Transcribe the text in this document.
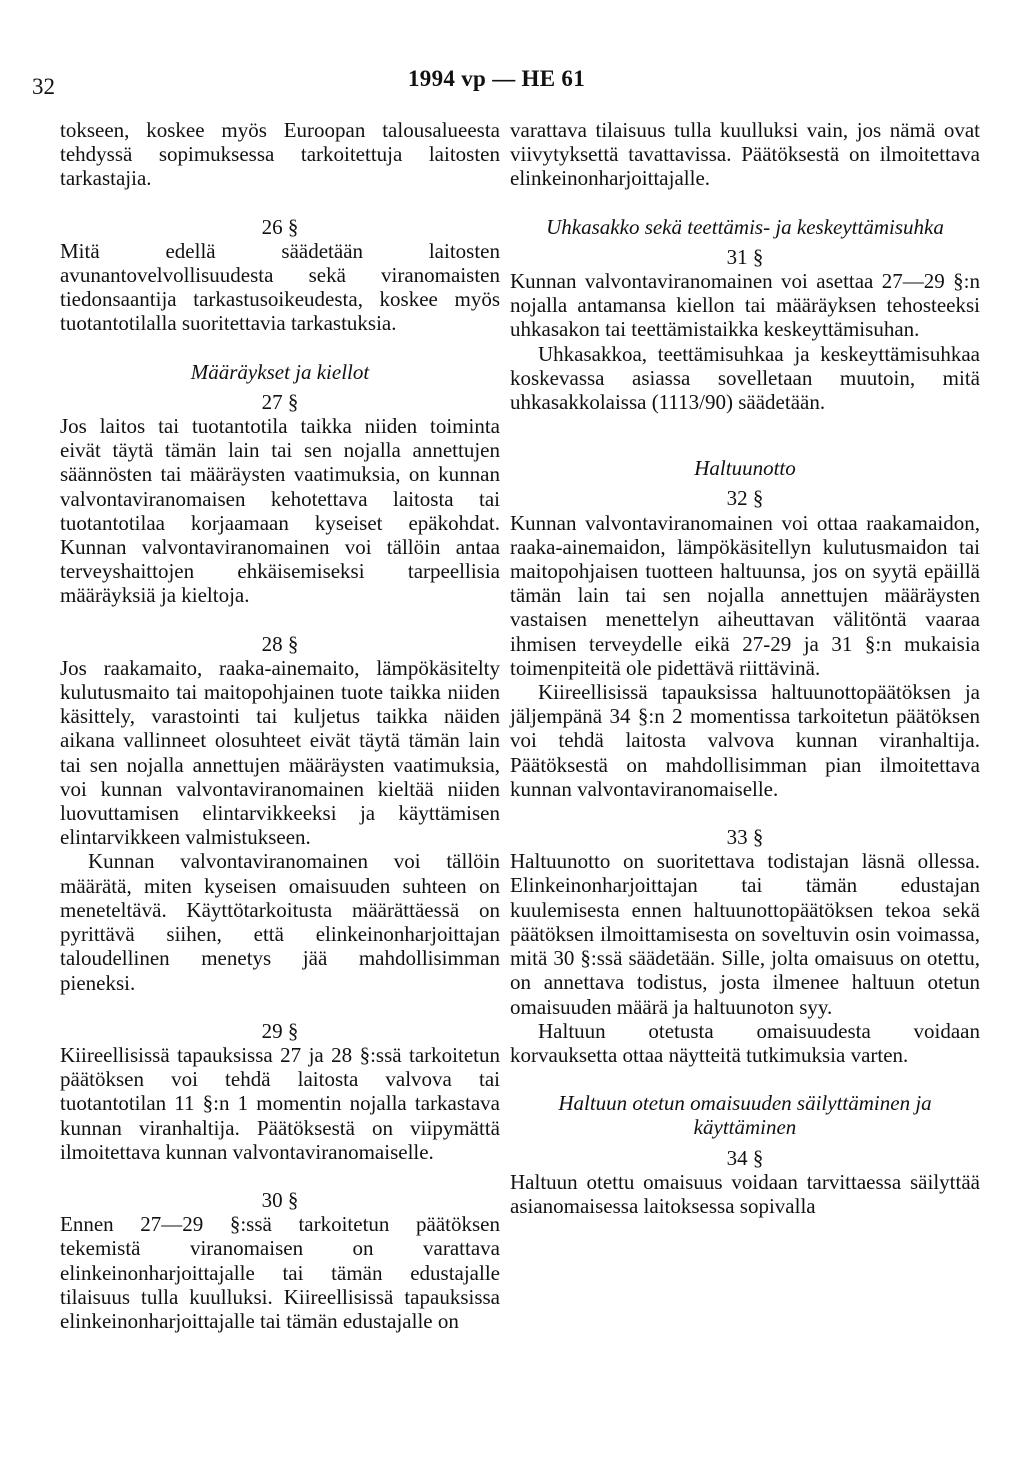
32	1994 vp — HE 61

tokseen, koskee myös Euroopan talousalueesta tehdyssä sopimuksessa tarkoitettuja laitosten tarkastajia.

26 §

Mitä edellä säädetään laitosten avunantovelvollisuudesta sekä viranomaisten tiedonsaantija tarkastusoikeudesta, koskee myös tuotantotilalla suoritettavia tarkastuksia.

Määräykset ja kiellot

27 §

Jos laitos tai tuotantotila taikka niiden toiminta eivät täytä tämän lain tai sen nojalla annettujen säännösten tai määräysten vaatimuksia, on kunnan valvontaviranomaisen kehotettava laitosta tai tuotantotilaa korjaamaan kyseiset epäkohdat. Kunnan valvontaviranomainen voi tällöin antaa terveyshaittojen ehkäisemiseksi tarpeellisia määräyksiä ja kieltoja.

28 §

Jos raakamaito, raaka-ainemaito, lämpökäsitelty kulutusmaito tai maitopohjainen tuote taikka niiden käsittely, varastointi tai kuljetus taikka näiden aikana vallinneet olosuhteet eivät täytä tämän lain tai sen nojalla annettujen määräysten vaatimuksia, voi kunnan valvontaviranomainen kieltää niiden luovuttamisen elintarvikkeeksi ja käyttämisen elintarvikkeen valmistukseen.

Kunnan valvontaviranomainen voi tällöin määrätä, miten kyseisen omaisuuden suhteen on meneteltävä. Käyttötarkoitusta määrättäessä on pyrittävä siihen, että elinkeinonharjoittajan taloudellinen menetys jää mahdollisimman pieneksi.

29 §

Kiireellisissä tapauksissa 27 ja 28 §:ssä tarkoitetun päätöksen voi tehdä laitosta valvova tai tuotantotilan 11 §:n 1 momentin nojalla tarkastava kunnan viranhaltija. Päätöksestä on viipymättä ilmoitettava kunnan valvontaviranomaiselle.

30 §

Ennen 27—29 §:ssä tarkoitetun päätöksen tekemistä viranomaisen on varattava elinkeinonharjoittajalle tai tämän edustajalle tilaisuus tulla kuulluksi. Kiireellisissä tapauksissa elinkeinonharjoittajalle tai tämän edustajalle on

varattava tilaisuus tulla kuulluksi vain, jos nämä ovat viivytyksettä tavattavissa. Päätöksestä on ilmoitettava elinkeinonharjoittajalle.

Uhkasakko sekä teettämis- ja keskeyttämisuhka

31 §

Kunnan valvontaviranomainen voi asettaa 27—29 §:n nojalla antamansa kiellon tai määräyksen tehosteeksi uhkasakon tai teettämistaikka keskeyttämisuhan.

Uhkasakkoa, teettämisuhkaa ja keskeyttämisuhkaa koskevassa asiassa sovelletaan muutoin, mitä uhkasakkolaissa (1113/90) säädetään.

Haltuunotto

32 §

Kunnan valvontaviranomainen voi ottaa raakamaidon, raaka-ainemaidon, lämpökäsitellyn kulutusmaidon tai maitopohjaisen tuotteen haltuunsa, jos on syytä epäillä tämän lain tai sen nojalla annettujen määräysten vastaisen menettelyn aiheuttavan välitöntä vaaraa ihmisen terveydelle eikä 27-29 ja 31 §:n mukaisia toimenpiteitä ole pidettävä riittävinä.

Kiireellisissä tapauksissa haltuunottopäätöksen ja jäljempänä 34 §:n 2 momentissa tarkoitetun päätöksen voi tehdä laitosta valvova kunnan viranhaltija. Päätöksestä on mahdollisimman pian ilmoitettava kunnan valvontaviranomaiselle.

33 §

Haltuunotto on suoritettava todistajan läsnä ollessa. Elinkeinonharjoittajan tai tämän edustajan kuulemisesta ennen haltuunottopäätöksen tekoa sekä päätöksen ilmoittamisesta on soveltuvin osin voimassa, mitä 30 §:ssä säädetään. Sille, jolta omaisuus on otettu, on annettava todistus, josta ilmenee haltuun otetun omaisuuden määrä ja haltuunoton syy.

Haltuun otetusta omaisuudesta voidaan korvauksetta ottaa näytteitä tutkimuksia varten.

Haltuun otetun omaisuuden säilyttäminen ja käyttäminen

34 §

Haltuun otettu omaisuus voidaan tarvittaessa säilyttää asianomaisessa laitoksessa sopivalla
